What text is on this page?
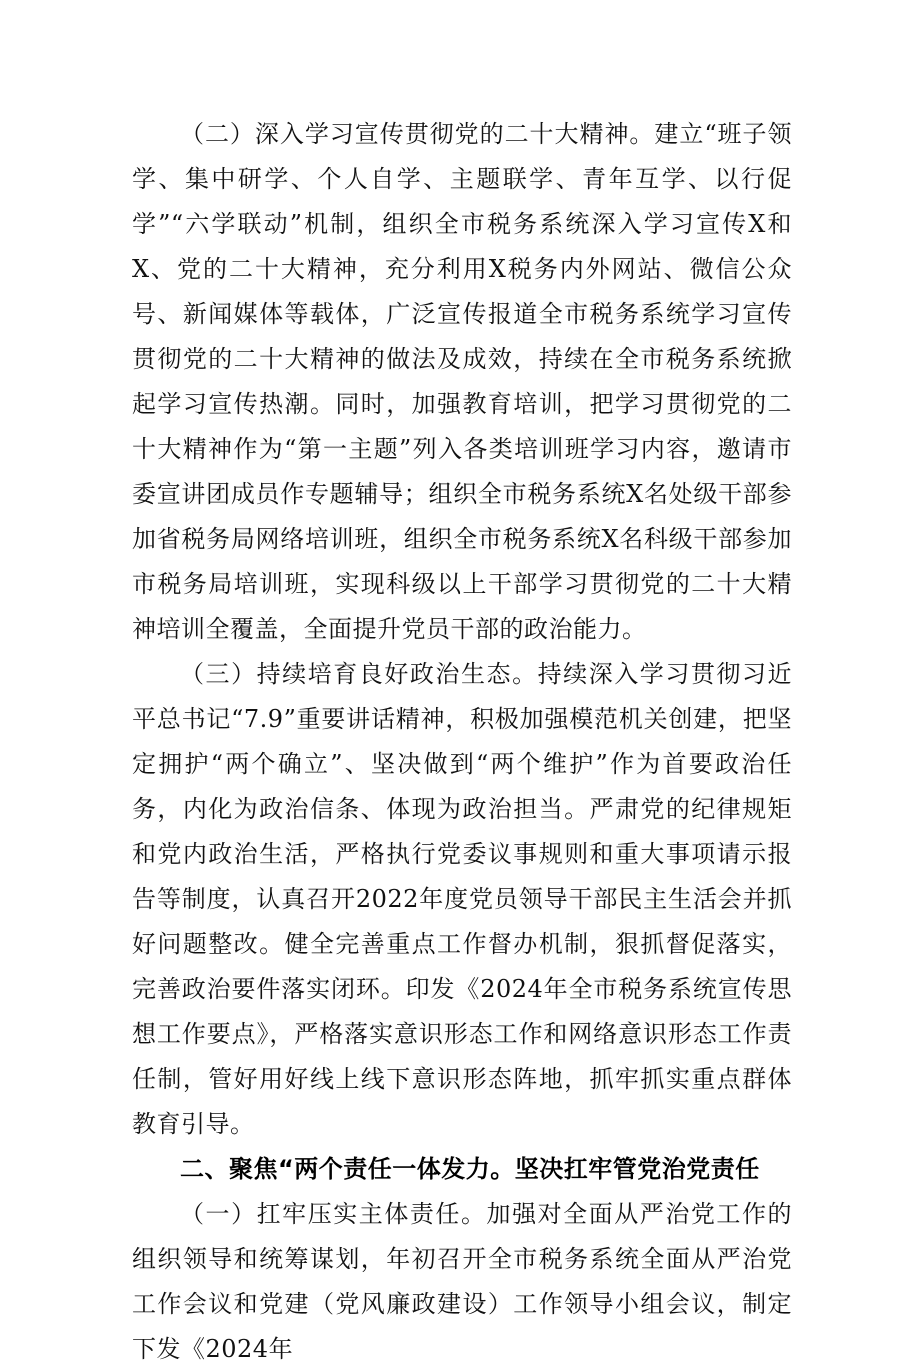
（二）深入学习宣传贯彻党的二十大精神。建立“班子领学、集中研学、个人自学、主题联学、青年互学、以行促学”“六学联动”机制，组织全市税务系统深入学习宣传X和X、党的二十大精神，充分利用X税务内外网站、微信公众号、新闻媒体等载体，广泛宣传报道全市税务系统学习宣传贯彻党的二十大精神的做法及成效，持续在全市税务系统掀起学习宣传热潮。同时，加强教育培训，把学习贯彻党的二十大精神作为“第一主题”列入各类培训班学习内容，邀请市委宣讲团成员作专题辅导；组织全市税务系统X名处级干部参加省税务局网络培训班，组织全市税务系统X名科级干部参加市税务局培训班，实现科级以上干部学习贯彻党的二十大精神培训全覆盖，全面提升党员干部的政治能力。

（三）持续培育良好政治生态。持续深入学习贯彻习近平总书记“7.9”重要讲话精神，积极加强模范机关创建，把坚定拥护“两个确立”、坚决做到“两个维护”作为首要政治任务，内化为政治信条、体现为政治担当。严肃党的纪律规矩和党内政治生活，严格执行党委议事规则和重大事项请示报告等制度，认真召开2022年度党员领导干部民主生活会并抓好问题整改。健全完善重点工作督办机制，狠抓督促落实，完善政治要件落实闭环。印发《2024年全市税务系统宣传思想工作要点》，严格落实意识形态工作和网络意识形态工作责任制，管好用好线上线下意识形态阵地，抓牢抓实重点群体教育引导。

二、聚焦“两个责任一体发力。坚决扛牢管党治党责任

（一）扛牢压实主体责任。加强对全面从严治党工作的组织领导和统筹谋划，年初召开全市税务系统全面从严治党工作会议和党建（党风廉政建设）工作领导小组会议，制定下发《2024年
